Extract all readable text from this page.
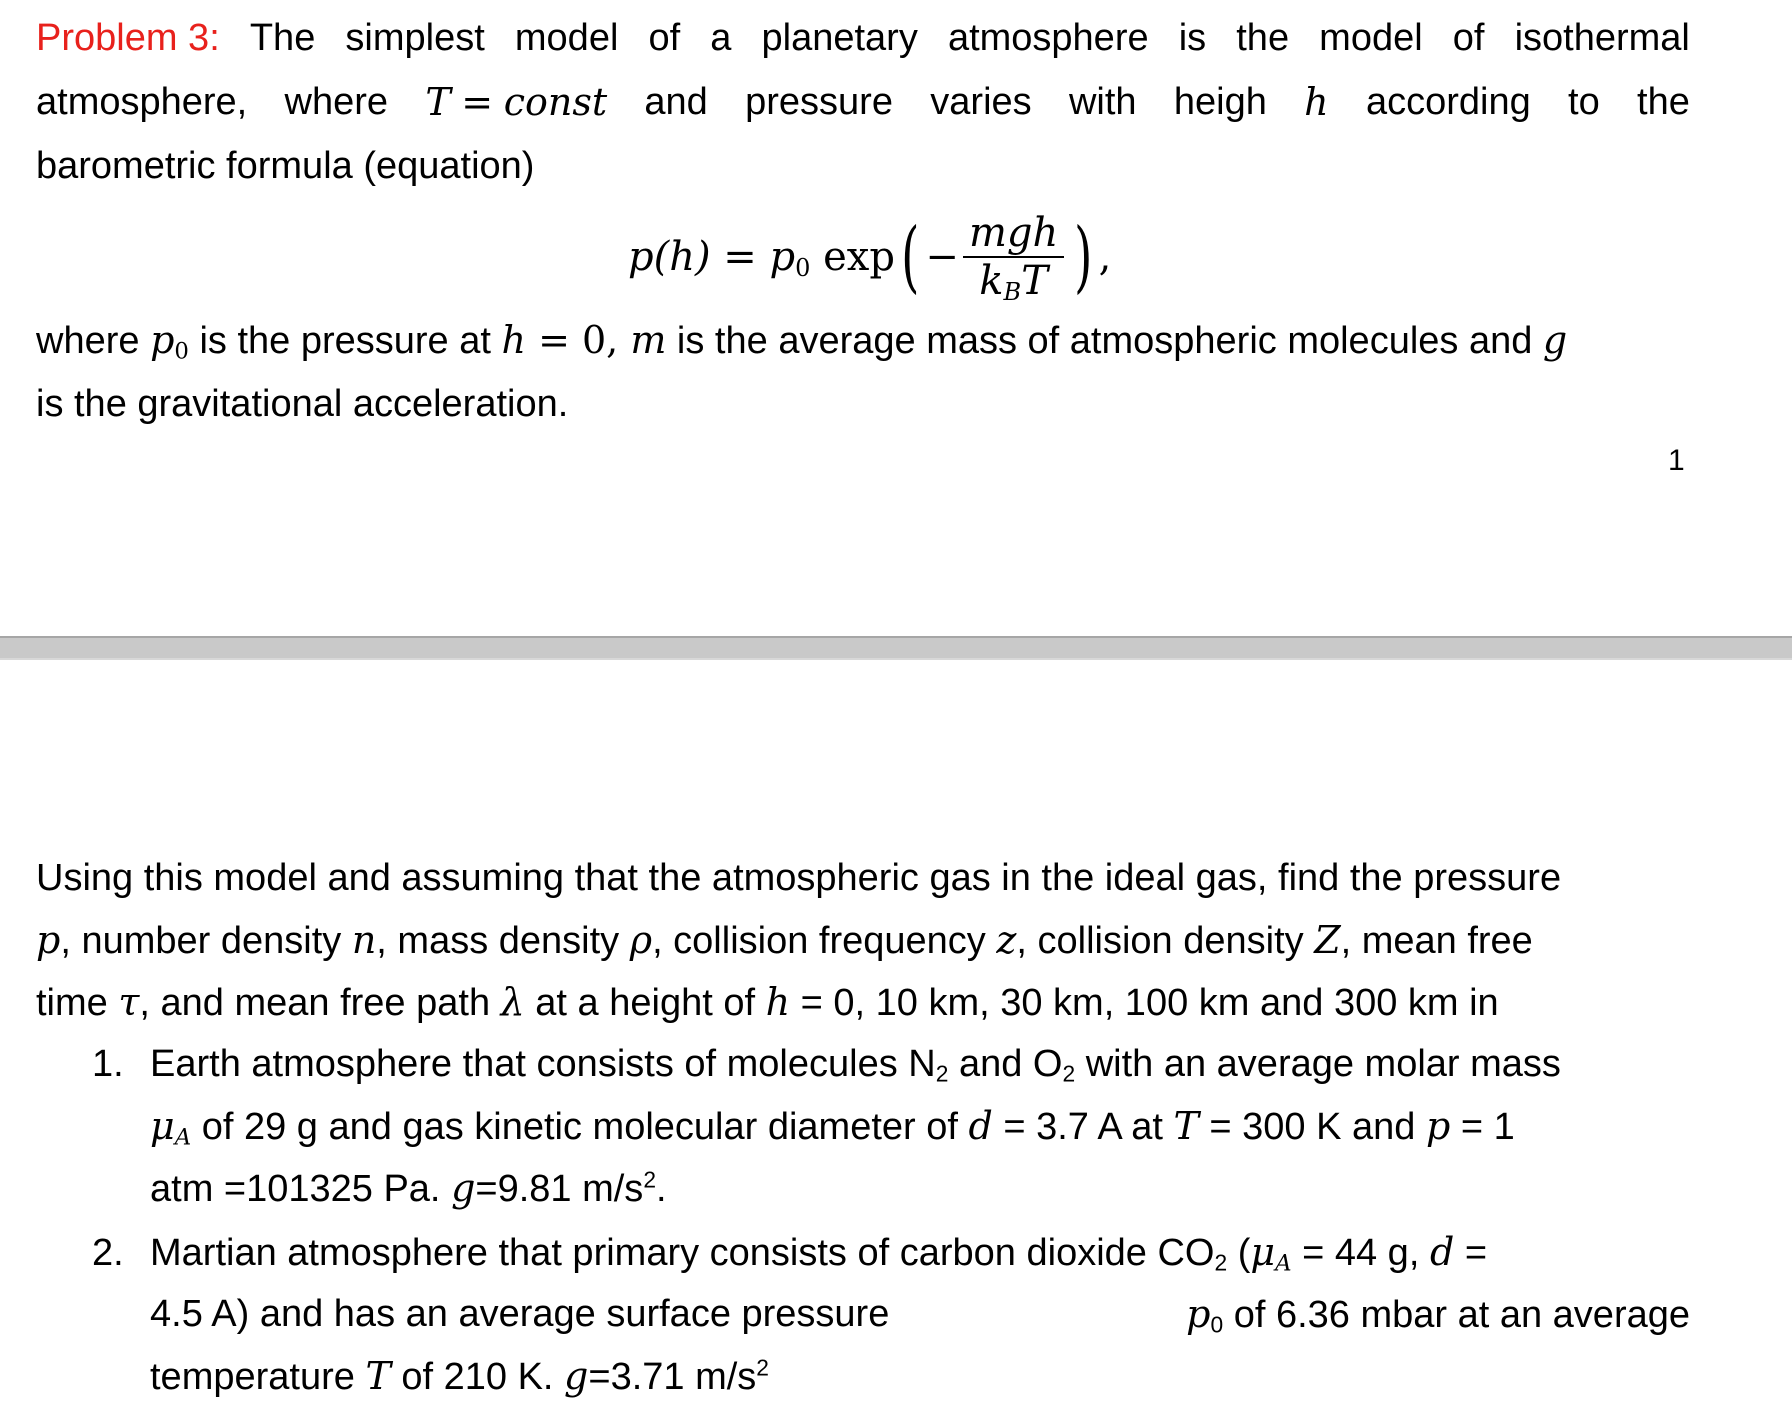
Problem 3: The simplest model of a planetary atmosphere is the model of isothermal
atmosphere, where T = const and pressure varies with heigh h according to the
barometric formula (equation)
$p(h) = p_0$ exp ( − $\frac{\text{mgh}}{k_BT}$ ) ,
where $p_0$ is the pressure at h = 0, m is the average mass of atmospheric molecules and g
is the gravitational acceleration.
1
Using this model and assuming that the atmospheric gas in the ideal gas, find the pressure
p, number density n, mass density ρ, collision frequency z, collision density Z, mean free
time τ, and mean free path λ at a height of h = 0, 10 km, 30 km, 100 km and 300 km in
1. Earth atmosphere that consists of molecules $N_2$ and $O_2$ with an average molar mass
$\mu_A$ of 29 g and gas kinetic molecular diameter of d = 3.7 A at T = 300 K and p = 1
atm =101325 Pa. g=9.81 $m/s^2$.
2. Martian atmosphere that primary consists of carbon dioxide $CO_2$ ($\mu_A = 44$ g, d =
4.5 A) and has an average surface pressure	$p_0$ of 6.36 mbar at an average
temperature T of 210 K. g=3.71 $m/s^2$
